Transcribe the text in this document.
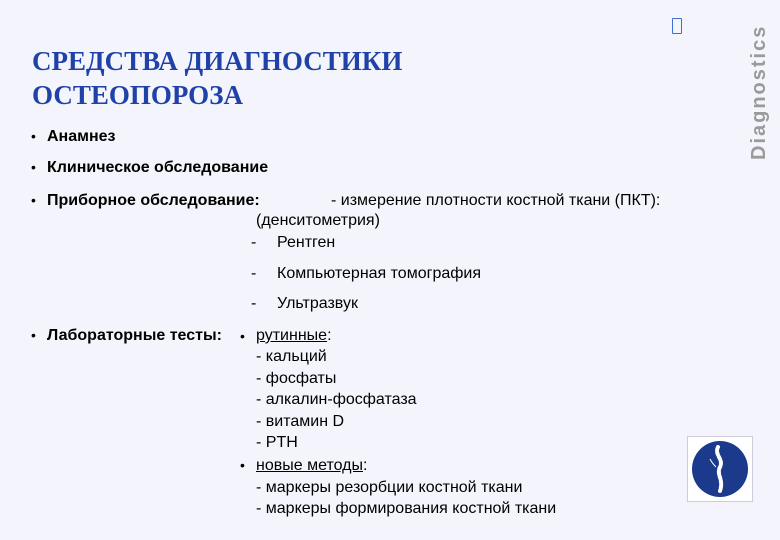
СРЕДСТВА ДИАГНОСТИКИ
ОСТЕОПОРОЗА	Diagnostics
• Анамнез
• Клиническое обследование
• Приборное обследование:	- измерение плотности костной ткани (ПКТ):
(денситометрия)
- Рентген
- Компьютерная томография
- Ультразвук
• Лабораторные тесты: • рутинные:
- кальций
- фосфаты
- алкалин-фосфатаза
- витамин D
- PTH
• новые методы:
- маркеры резорбции костной ткани
- маркеры формирования костной ткани
